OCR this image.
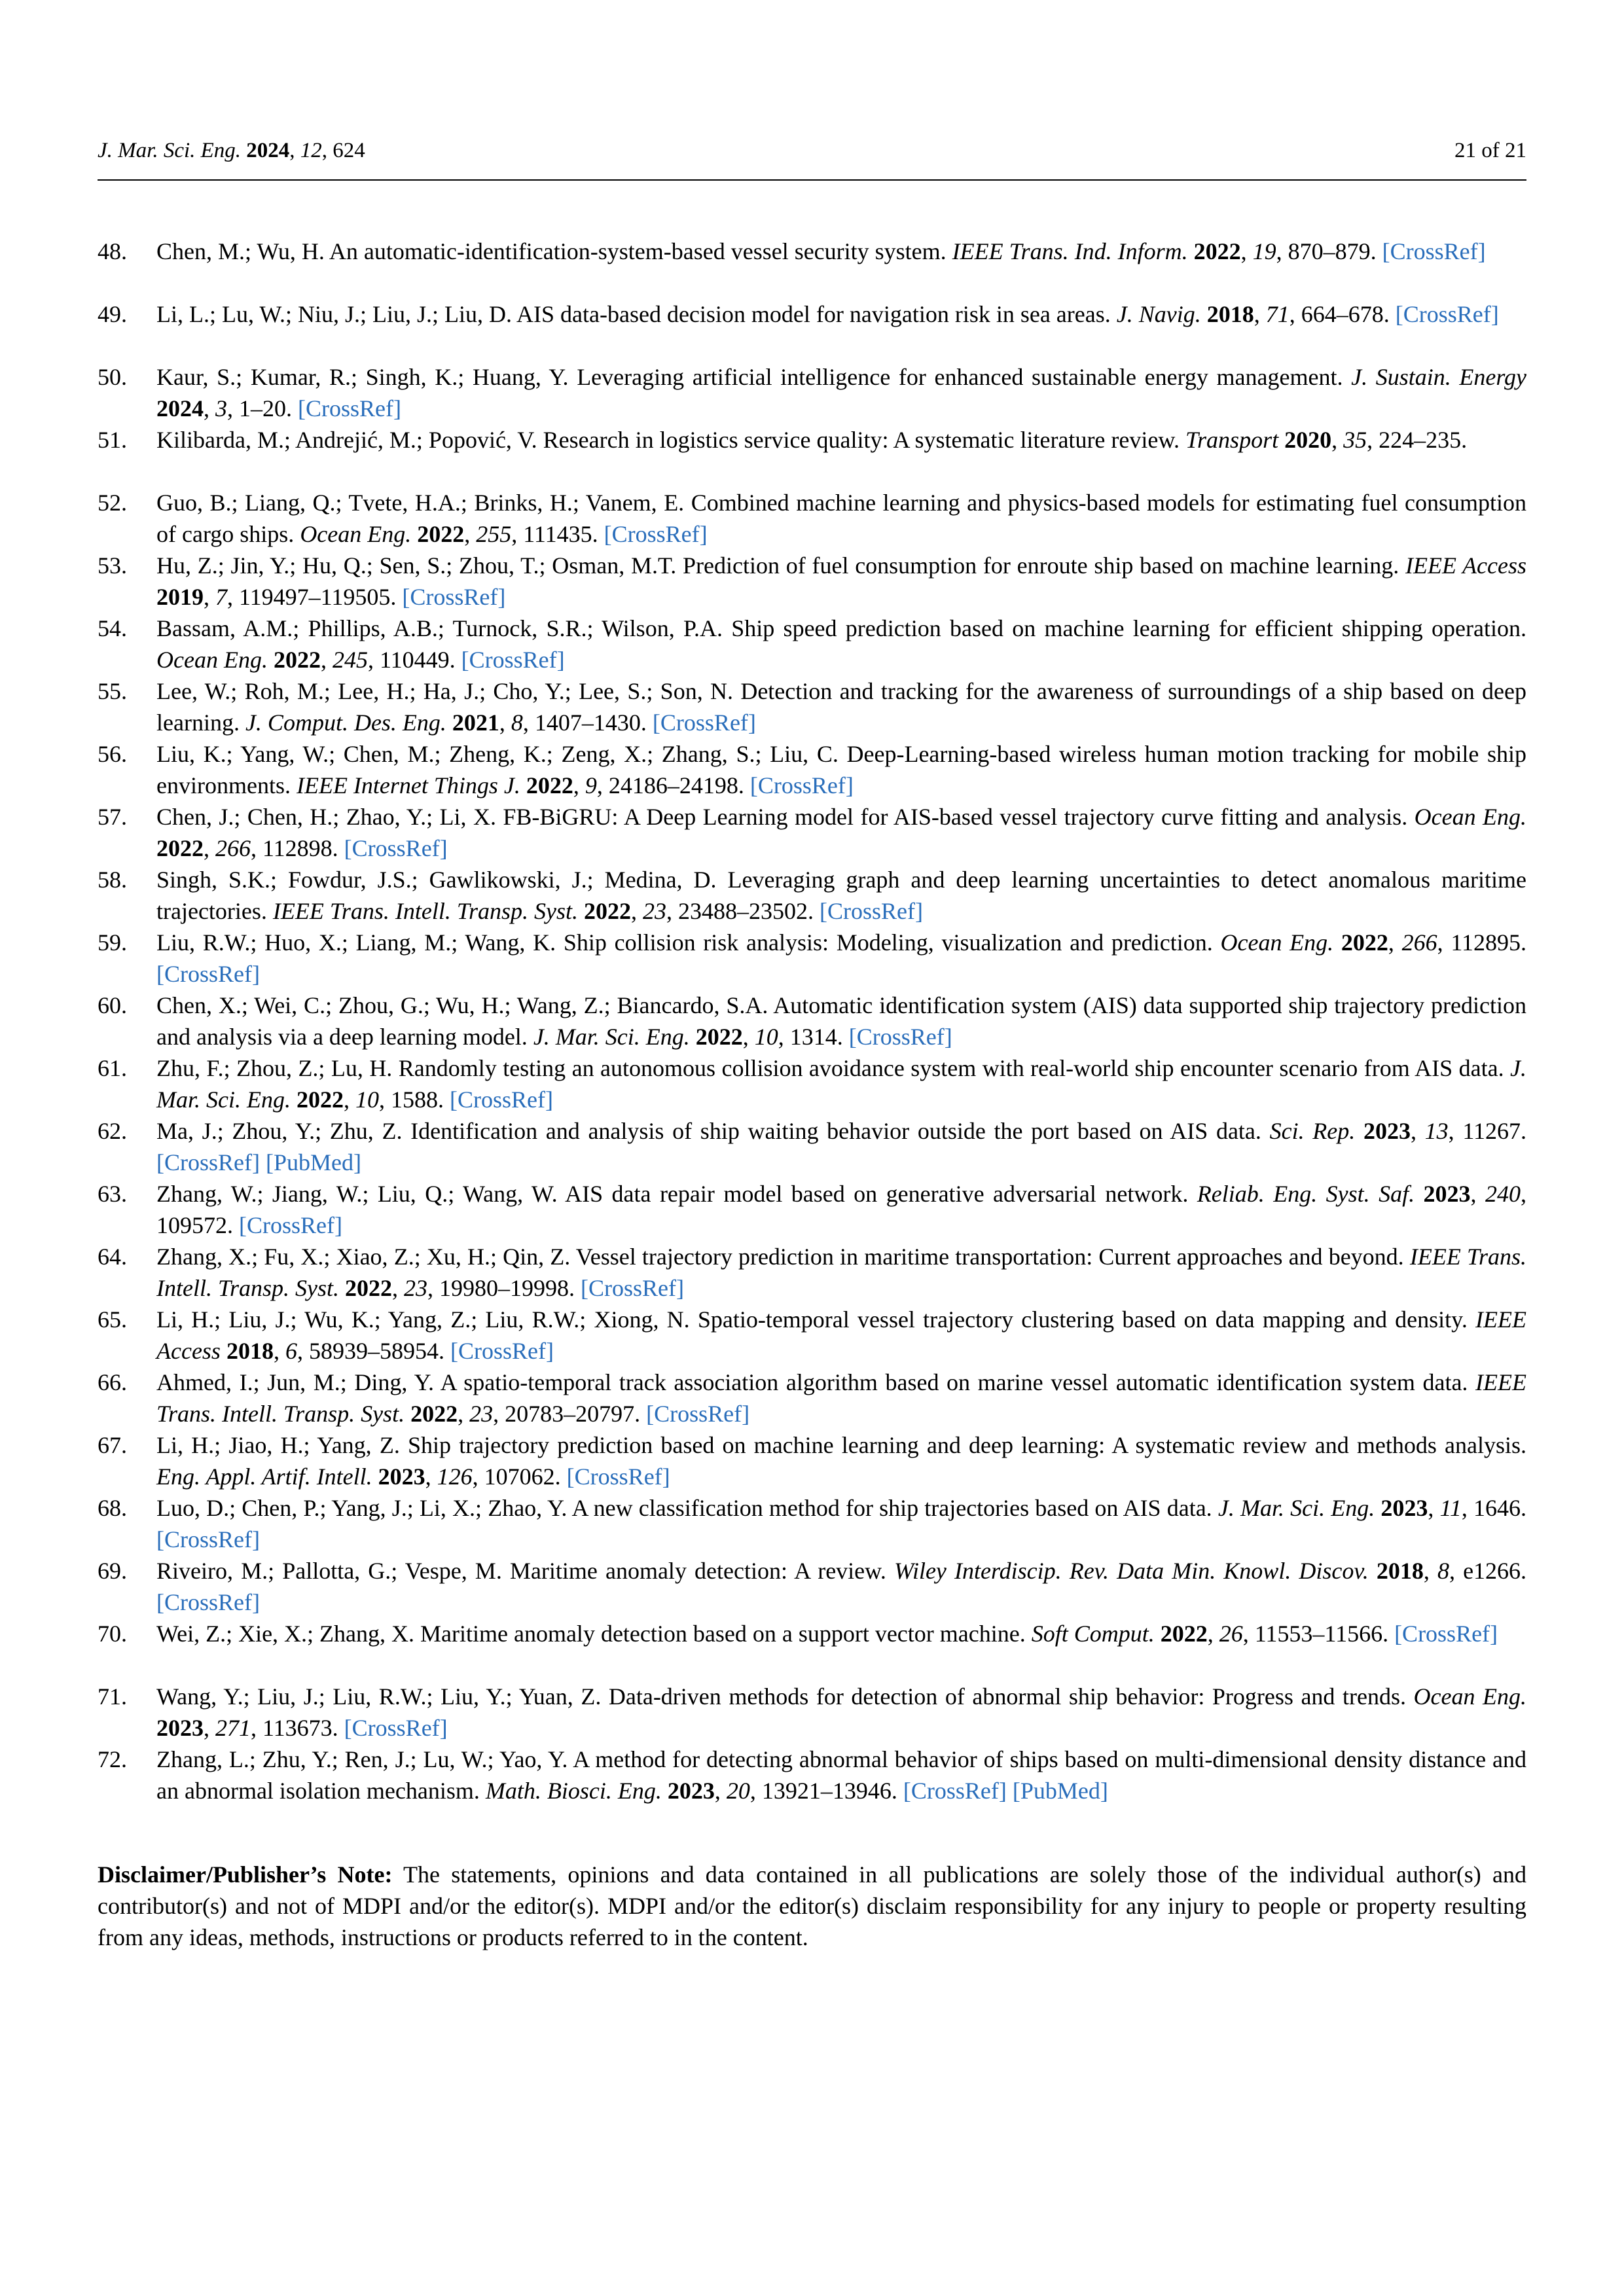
J. Mar. Sci. Eng. 2024, 12, 624	21 of 21
48. Chen, M.; Wu, H. An automatic-identification-system-based vessel security system. IEEE Trans. Ind. Inform. 2022, 19, 870–879. [CrossRef]
49. Li, L.; Lu, W.; Niu, J.; Liu, J.; Liu, D. AIS data-based decision model for navigation risk in sea areas. J. Navig. 2018, 71, 664–678. [CrossRef]
50. Kaur, S.; Kumar, R.; Singh, K.; Huang, Y. Leveraging artificial intelligence for enhanced sustainable energy management. J. Sustain. Energy 2024, 3, 1–20. [CrossRef]
51. Kilibarda, M.; Andrejić, M.; Popović, V. Research in logistics service quality: A systematic literature review. Transport 2020, 35, 224–235.
52. Guo, B.; Liang, Q.; Tvete, H.A.; Brinks, H.; Vanem, E. Combined machine learning and physics-based models for estimating fuel consumption of cargo ships. Ocean Eng. 2022, 255, 111435. [CrossRef]
53. Hu, Z.; Jin, Y.; Hu, Q.; Sen, S.; Zhou, T.; Osman, M.T. Prediction of fuel consumption for enroute ship based on machine learning. IEEE Access 2019, 7, 119497–119505. [CrossRef]
54. Bassam, A.M.; Phillips, A.B.; Turnock, S.R.; Wilson, P.A. Ship speed prediction based on machine learning for efficient shipping operation. Ocean Eng. 2022, 245, 110449. [CrossRef]
55. Lee, W.; Roh, M.; Lee, H.; Ha, J.; Cho, Y.; Lee, S.; Son, N. Detection and tracking for the awareness of surroundings of a ship based on deep learning. J. Comput. Des. Eng. 2021, 8, 1407–1430. [CrossRef]
56. Liu, K.; Yang, W.; Chen, M.; Zheng, K.; Zeng, X.; Zhang, S.; Liu, C. Deep-Learning-based wireless human motion tracking for mobile ship environments. IEEE Internet Things J. 2022, 9, 24186–24198. [CrossRef]
57. Chen, J.; Chen, H.; Zhao, Y.; Li, X. FB-BiGRU: A Deep Learning model for AIS-based vessel trajectory curve fitting and analysis. Ocean Eng. 2022, 266, 112898. [CrossRef]
58. Singh, S.K.; Fowdur, J.S.; Gawlikowski, J.; Medina, D. Leveraging graph and deep learning uncertainties to detect anomalous maritime trajectories. IEEE Trans. Intell. Transp. Syst. 2022, 23, 23488–23502. [CrossRef]
59. Liu, R.W.; Huo, X.; Liang, M.; Wang, K. Ship collision risk analysis: Modeling, visualization and prediction. Ocean Eng. 2022, 266, 112895. [CrossRef]
60. Chen, X.; Wei, C.; Zhou, G.; Wu, H.; Wang, Z.; Biancardo, S.A. Automatic identification system (AIS) data supported ship trajectory prediction and analysis via a deep learning model. J. Mar. Sci. Eng. 2022, 10, 1314. [CrossRef]
61. Zhu, F.; Zhou, Z.; Lu, H. Randomly testing an autonomous collision avoidance system with real-world ship encounter scenario from AIS data. J. Mar. Sci. Eng. 2022, 10, 1588. [CrossRef]
62. Ma, J.; Zhou, Y.; Zhu, Z. Identification and analysis of ship waiting behavior outside the port based on AIS data. Sci. Rep. 2023, 13, 11267. [CrossRef] [PubMed]
63. Zhang, W.; Jiang, W.; Liu, Q.; Wang, W. AIS data repair model based on generative adversarial network. Reliab. Eng. Syst. Saf. 2023, 240, 109572. [CrossRef]
64. Zhang, X.; Fu, X.; Xiao, Z.; Xu, H.; Qin, Z. Vessel trajectory prediction in maritime transportation: Current approaches and beyond. IEEE Trans. Intell. Transp. Syst. 2022, 23, 19980–19998. [CrossRef]
65. Li, H.; Liu, J.; Wu, K.; Yang, Z.; Liu, R.W.; Xiong, N. Spatio-temporal vessel trajectory clustering based on data mapping and density. IEEE Access 2018, 6, 58939–58954. [CrossRef]
66. Ahmed, I.; Jun, M.; Ding, Y. A spatio-temporal track association algorithm based on marine vessel automatic identification system data. IEEE Trans. Intell. Transp. Syst. 2022, 23, 20783–20797. [CrossRef]
67. Li, H.; Jiao, H.; Yang, Z. Ship trajectory prediction based on machine learning and deep learning: A systematic review and methods analysis. Eng. Appl. Artif. Intell. 2023, 126, 107062. [CrossRef]
68. Luo, D.; Chen, P.; Yang, J.; Li, X.; Zhao, Y. A new classification method for ship trajectories based on AIS data. J. Mar. Sci. Eng. 2023, 11, 1646. [CrossRef]
69. Riveiro, M.; Pallotta, G.; Vespe, M. Maritime anomaly detection: A review. Wiley Interdiscip. Rev. Data Min. Knowl. Discov. 2018, 8, e1266. [CrossRef]
70. Wei, Z.; Xie, X.; Zhang, X. Maritime anomaly detection based on a support vector machine. Soft Comput. 2022, 26, 11553–11566. [CrossRef]
71. Wang, Y.; Liu, J.; Liu, R.W.; Liu, Y.; Yuan, Z. Data-driven methods for detection of abnormal ship behavior: Progress and trends. Ocean Eng. 2023, 271, 113673. [CrossRef]
72. Zhang, L.; Zhu, Y.; Ren, J.; Lu, W.; Yao, Y. A method for detecting abnormal behavior of ships based on multi-dimensional density distance and an abnormal isolation mechanism. Math. Biosci. Eng. 2023, 20, 13921–13946. [CrossRef] [PubMed]
Disclaimer/Publisher’s Note: The statements, opinions and data contained in all publications are solely those of the individual author(s) and contributor(s) and not of MDPI and/or the editor(s). MDPI and/or the editor(s) disclaim responsibility for any injury to people or property resulting from any ideas, methods, instructions or products referred to in the content.
